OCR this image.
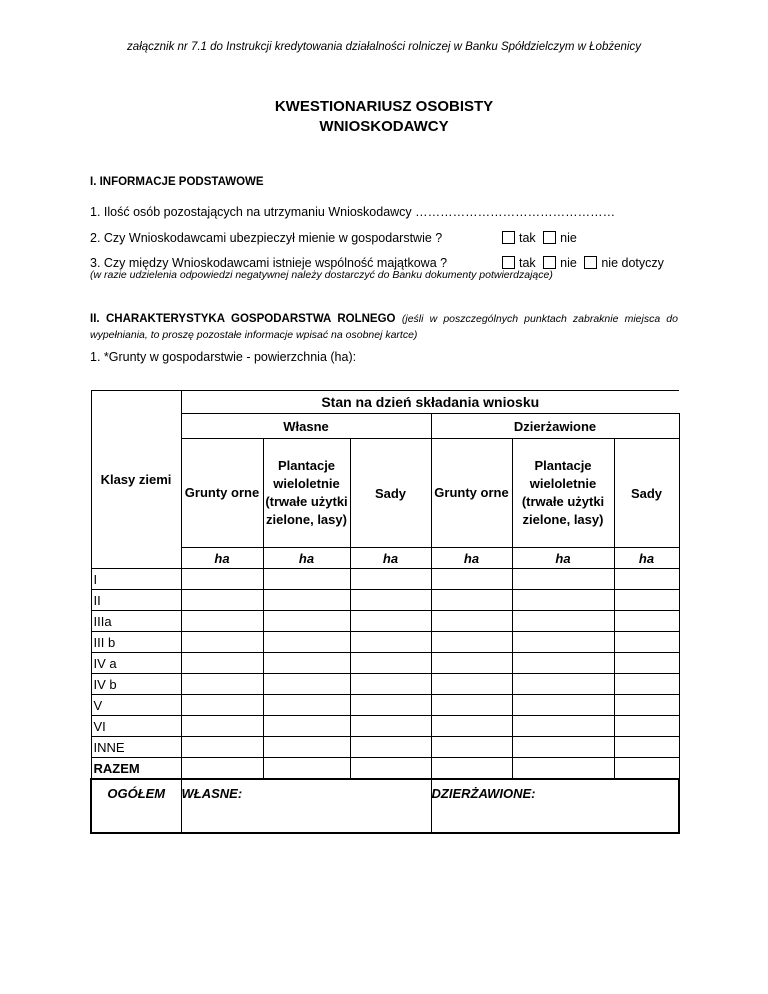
załącznik nr 7.1 do Instrukcji kredytowania działalności rolniczej w Banku Spółdzielczym w Łobżenicy
KWESTIONARIUSZ OSOBISTY
WNIOSKODAWCY
I. INFORMACJE PODSTAWOWE
1. Ilość osób pozostających na utrzymaniu Wnioskodawcy …………………………………………
2. Czy Wnioskodawcami ubezpieczył mienie w gospodarstwie ?	tak nie
3. Czy między Wnioskodawcami istnieje wspólność majątkowa ?	tak nie nie dotyczy
(w razie udzielenia odpowiedzi negatywnej należy dostarczyć do Banku dokumenty potwierdzające)
II. CHARAKTERYSTYKA GOSPODARSTWA ROLNEGO (jeśli w poszczególnych punktach zabraknie miejsca do wypełniania, to proszę pozostałe informacje wpisać na osobnej kartce)
1. *Grunty w gospodarstwie - powierzchnia (ha):
Klasy ziemi	Stan na dzień składania wniosku					
	Własne			Dzierżawione		
	Grunty orne	Plantacje wieloletnie (trwałe użytki zielone, lasy)	Sady	Grunty orne	Plantacje wieloletnie (trwałe użytki zielone, lasy)	Sady
	ha	ha	ha	ha	ha	ha
I						
II						
IIIa						
III b						
IV a						
IV b						
V						
VI						
INNE						
RAZEM						
OGÓŁEM	WŁASNE:			DZIERŻAWIONE:		
